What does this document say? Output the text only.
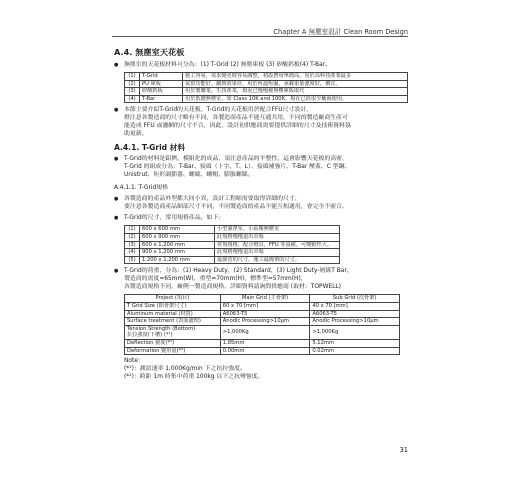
Chapter A 無塵室設計 Clean Room Design
A.4. 無塵室天花板
● 無塵室的天花板材料可分為：(1) T-Grid (2) 無塵庫板 (3) 矽酸鈣板(4) T-Bar。
(1)	T-Grid	施工容易，需求變更時容易調整，初設費用單價高，用於高科技產業最多
(2)	PU 庫板	氣密功能好，細熱效果佳，用於恆溫恆濕，承載重量強度好，價宜。
(3)	矽酸鈣板	用於製藥業，生技產業，現況已慢慢被無塵庫板取代
(4)	T-Bar	用於低階無塵室，如 Class 10K and 100K，現在已經很少廠商使用。
● 本節主要介紹T-Grid的天花板，T-Grid的天花板用於配合FFU尺寸設計，
燈注意各製造商的尺寸略有不同，各製造商產品不能互通共用，不同的製造廠商生產可
能造成 FFU 或濾網的尺寸不合，因此，設計初供應商需要提供詳細的尺寸及技術資料協
助更新。
A.4.1. T-Grid 材料
● T-Grid的材料是鋁擠，模組化的成品，須注意產品的平整性，這會影響天花板的高密，
T-Grid 的組成分為：T-Bar、接頭（十字、T、L）、接頭補強片、T-Bar 壓蓋、C 型鋼、
Unistrut、矩形調節器、螺絲、螺帽、膨脹螺絲。
A.4.1.1. T-Grid規格
● 各製造商的產品外型都大同小異，設計工程師需要取得詳細的尺寸，
要注意各製造商產品細部尺寸不同，不同製造商的產品不能互相通用，會完全不密合。
● T-Grid的尺寸，常用規格產品，如下：
(1)	600 x 600 mm	小型潔淨室，小區塊無塵室
(2)	600 x 900 mm	此規格慢慢退出市場
(3)	600 x 1,200 mm	常規規格，配合燈具，FFU 等設備，可變動性大。
(4)	900 x 1,200 mm	此規格慢慢退出市場
(5)	1,200 x 1,200 mm	最節省的尺寸，施工最簡單的尺寸。
● T-Grid的荷重，分為：(1) Heavy Duty，(2) Standard，(3) Light Duty-層級T Bar，
製造商的需度=65mm(W)，重型=70mm(H)，標準型=57mm(H)，
各製造商規格不同，廠例一製造商規格，詳細資料請詢問供應商 (取材：TOPWELL)
Project (項目)	Main Grid (主骨架)	Sub Grid (次骨架)

T Grid Size (鋁骨架尺寸)	60 x 70 [mm]	40 x 70 [mm]

Aluminum material (材質)	A6063-T5	A6063-T5

Surface treatment (表面處理)	Anodic Processing>10μm	Anodic Processing>10μm

Tension Strength (Bottom)
抗拉強度(下槽) (*¹)	>1,000Kg	>1,000Kg

Deflection 撓度(*²)	1.85mm	5.12mm

Deformation 變形量(*²)	0.00mm	0.02mm
Note：
(*¹)：測試速率 1,000Kg/min 下之抗拉強度。
(*²)：跨距 1m 時集中荷重 100kg 以下之抗彎強度。
31
